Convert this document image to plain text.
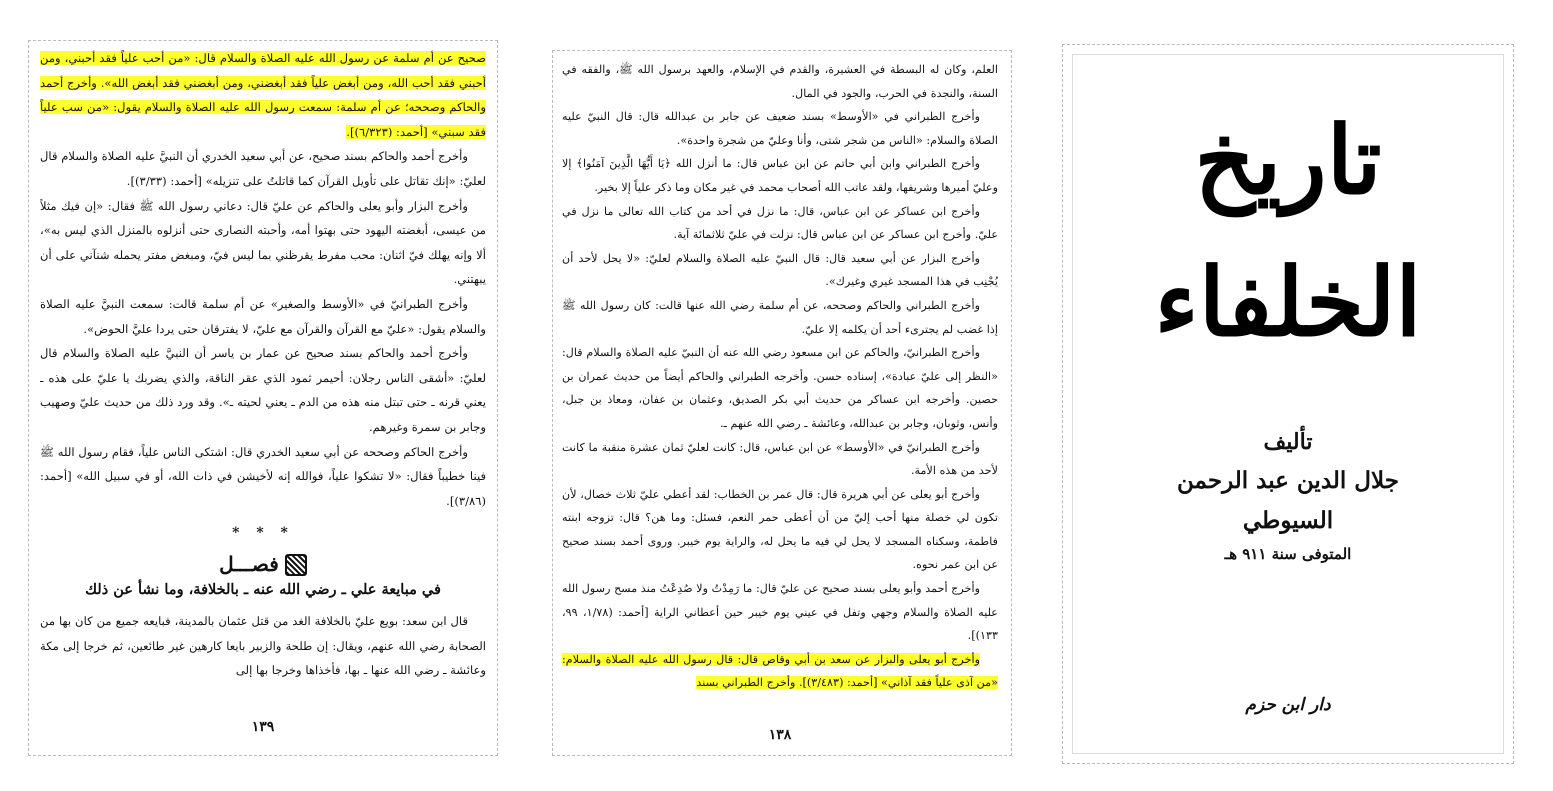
صحيح عن أم سلمة عن رسول الله عليه الصلاة والسلام قال: «من أحب علياً فقد أحبني، ومن أحبني فقد أحب الله، ومن أبغض علياً فقد أبغضني، ومن أبغضني فقد أبغض الله». وأخرج أحمد والحاكم وصححه؛ عن أم سلمة: سمعت رسول الله عليه الصلاة والسلام يقول: «من سب علياً فقد سبني» [أحمد: (٦/٣٢٣)].

وأخرج أحمد والحاكم بسند صحيح، عن أبي سعيد الخدري أن النبيَّ عليه الصلاة والسلام قال لعليّ: «إنك تقاتل على تأويل القرآن كما قاتلتُ على تنزيله» [أحمد: (٣/٣٣)].

وأخرج البزار وأبو يعلى والحاكم عن عليّ قال: دعاني رسول الله ﷺ فقال: «إن فيك مثلاً من عيسى، أبغضته اليهود حتى بهتوا أمه، وأحبته النصارى حتى أنزلوه بالمنزل الذي ليس به»، ألا وإنه يهلك فيّ اثنان: محب مفرط يقرظني بما ليس فيّ، ومبغض مفتر يحمله شنآني على أن يبهتني.

وأخرج الطبرانيّ في «الأوسط والصغير» عن أم سلمة قالت: سمعت النبيَّ عليه الصلاة والسلام يقول: «عليّ مع القرآن والقرآن مع عليّ، لا يفترقان حتى يردا عليَّ الحوض».

وأخرج أحمد والحاكم بسند صحيح عن عمار بن ياسر أن النبيَّ عليه الصلاة والسلام قال لعليّ: «أشقى الناس رجلان: أحيمر ثمود الذي عقر الناقة، والذي يضربك يا عليّ على هذه ـ يعني قرنه ـ حتى تبتل منه هذه من الدم ـ يعني لحيته ـ». وقد ورد ذلك من حديث عليّ وصهيب وجابر بن سمرة وغيرهم.

وأخرج الحاكم وصححه عن أبي سعيد الخدري قال: اشتكى الناس علياً، فقام رسول الله ﷺ فينا خطيباً فقال: «لا تشكوا علياً، فوالله إنه لأخيشن في ذات الله، أو في سبيل الله» [أحمد: (٣/٨٦)].

* * *
فصـــل
في مبايعة علي ـ رضي الله عنه ـ بالخلافة، وما نشأ عن ذلك

قال ابن سعد: بويع عليّ بالخلافة الغد من قتل عثمان بالمدينة، فبايعه جميع من كان بها من الصحابة رضي الله عنهم، ويقال: إن طلحة والزبير بايعا كارهين غير طائعين، ثم خرجا إلى مكة وعائشة ـ رضي الله عنها ـ بها، فأخذاها وخرجا بها إلى

١٣٩

العلم، وكان له البسطة في العشيرة، والقدم في الإسلام، والعهد برسول الله ﷺ، والفقه في السنة، والنجدة في الحرب، والجود في المال.

وأخرج الطبراني في «الأوسط» بسند ضعيف عن جابر بن عبدالله قال: قال النبيّ عليه الصلاة والسلام: «الناس من شجر شتى، وأنا وعليّ من شجرة واحدة».

وأخرج الطبراني وابن أبي حاتم عن ابن عباس قال: ما أنزل الله ﴿يَا أَيُّهَا الَّذِينَ آمَنُوا﴾ إلا وعليّ أميرها وشريفها، ولقد عاتب الله أصحاب محمد في غير مكان وما ذكر علياً إلا بخير.

وأخرج ابن عساكر عن ابن عباس، قال: ما نزل في أحد من كتاب الله تعالى ما نزل في عليّ. وأخرج ابن عساكر عن ابن عباس قال: نزلت في عليّ ثلاثمائة آية.

وأخرج البزار عن أبي سعيد قال: قال النبيّ عليه الصلاة والسلام لعليّ: «لا يحل لأحد أن يُجْنِب في هذا المسجد غيري وغيرك».

وأخرج الطبراني والحاكم وصححه، عن أم سلمة رضي الله عنها قالت: كان رسول الله ﷺ إذا غضب لم يجترىء أحد أن يكلمه إلا عليّ.

وأخرج الطبرانيّ، والحاكم عن ابن مسعود رضي الله عنه أن النبيّ عليه الصلاة والسلام قال: «النظر إلى عليّ عبادة»، إسناده حسن. وأخرجه الطبراني والحاكم أيضاً من حديث عمران بن حصين. وأخرجه ابن عساكر من حديث أبي بكر الصديق، وعثمان بن عفان، ومعاذ بن جبل، وأنس، وثوبان، وجابر بن عبدالله، وعائشة ـ رضي الله عنهم ـ.

وأخرج الطبرانيّ في «الأوسط» عن ابن عباس، قال: كانت لعليّ ثمان عشرة منقبة ما كانت لأحد من هذه الأمة.

وأخرج أبو يعلى عن أبي هريرة قال: قال عمر بن الخطاب: لقد أعطي عليّ ثلاث خصال، لأن تكون لي خصلة منها أحب إليّ من أن أعطى حمر النعم، فسئل: وما هن؟ قال: تزوجه ابنته فاطمة، وسكناه المسجد لا يحل لي فيه ما يحل له، والراية يوم خيبر. وروى أحمد بسند صحيح عن ابن عمر نحوه.

وأخرج أحمد وأبو يعلى بسند صحيح عن عليّ قال: ما رَمِدْتُ ولا صُدِعْتُ منذ مسح رسول الله عليه الصلاة والسلام وجهي وتفل في عيني يوم خيبر حين أعطاني الراية [أحمد: (١/٧٨، ٩٩، ١٣٣)].

وأخرج أبو يعلى والبزار عن سعد بن أبي وقاص قال: قال رسول الله عليه الصلاة والسلام: «من آذى علياً فقد آذاني» [أحمد: (٣/٤٨٣)]. وأخرج الطبراني بسند

١٣٨
تاريخ
الخلفاء
تأليف
جلال الدين عبد الرحمن
السيوطي
المتوفى سنة ٩١١ هـ
دار ابن حزم
